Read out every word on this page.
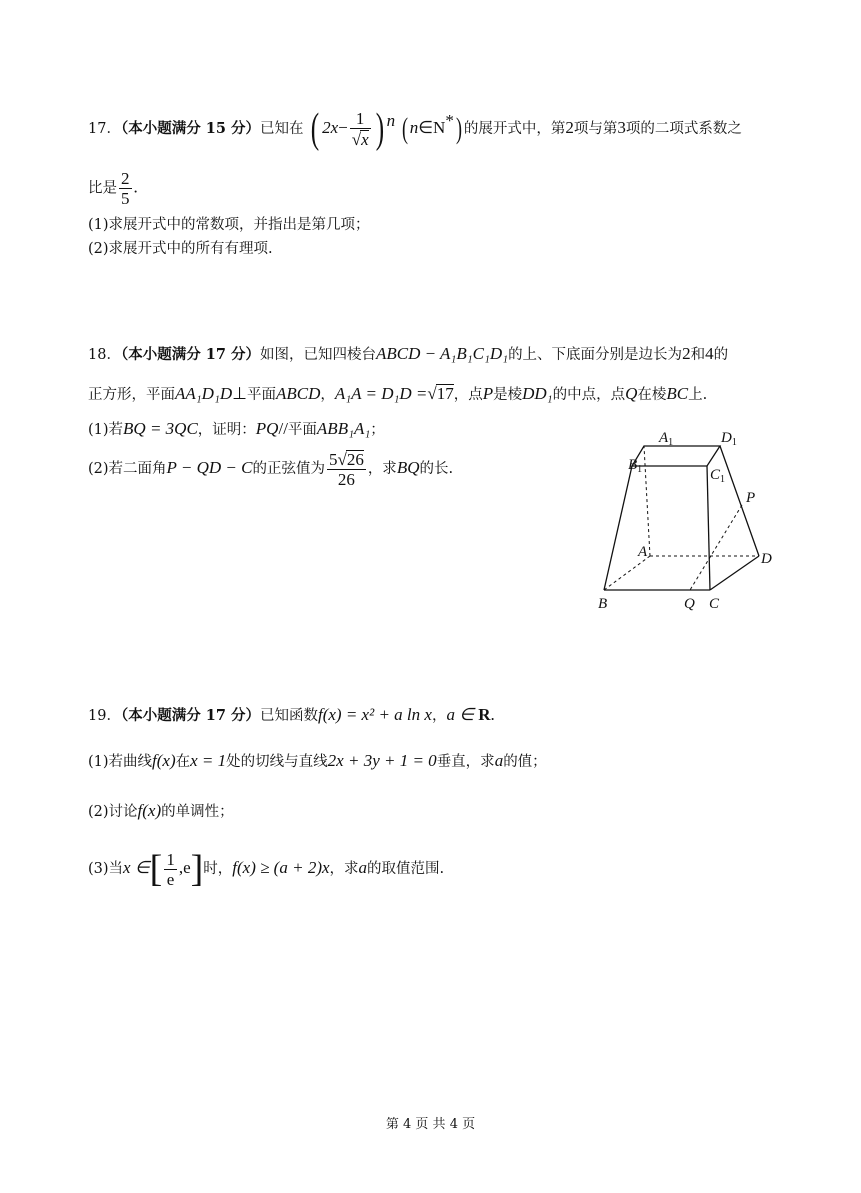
17．（本小题满分 15 分）已知在 ( $2x- \frac{1}{√x}$ ) $^n$ ( n∈N*) 的展开式中，第2项与第3项的二项式系数之
比是 $\frac{2}{5}$ .
(1)求展开式中的常数项，并指出是第几项；
(2)求展开式中的所有有理项.
18．（本小题满分 17 分）如图，已知四棱台ABCD − A₁B₁C₁D₁的上、下底面分别是边长为2和4的
正方形，平面AA₁D₁D⊥平面ABCD，A₁A = D₁D =√17，点P是棱DD₁的中点，点Q在棱BC上.
(1)若BQ = 3QC，证明：PQ//平面ABB₁A₁；
(2)若二面角P − QD − C的正弦值为 $\frac{5√26}{26}$ ，求BQ的长.
$A_1$	$D_1$
$B_1$	$C_1$
P
A	D
B	Q C
19．（本小题满分 17 分）已知函数f(x) = x² + a ln x，a ∈ R.
(1)若曲线f(x)在x = 1处的切线与直线2x + 3y + 1 = 0垂直，求a的值；
(2)讨论f(x)的单调性；
(3)当x ∈[ $\frac{1}{e} ,e$]时，f(x) ≥ (a + 2)x，求a的取值范围.
第 4 页 共 4 页
